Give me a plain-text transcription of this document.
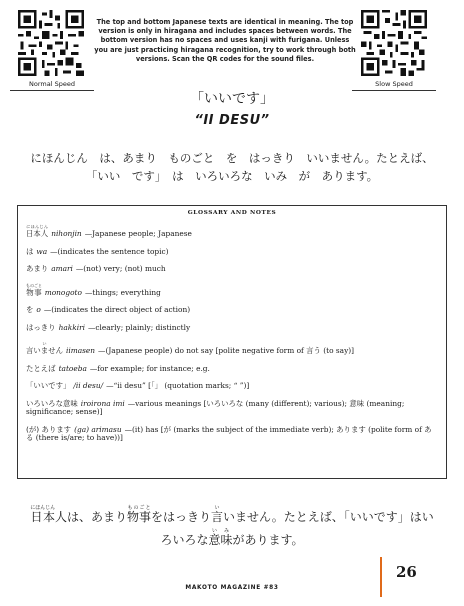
Normal Speed	Slow Speed

The top and bottom Japanese texts are identical in meaning. The top version is only in hiragana and includes spaces between words. The bottom version has no spaces and uses kanji with furigana. Unless you are just practicing hiragana recognition, try to work through both versions. Scan the QR codes for the sound files.

「いいです」
“II DESU”

にほんじん　は、あまり　ものごと　を　はっきり　いいません。たとえば、「いい　です」　は　いろいろな　いみ　が　あります。

GLOSSARY AND NOTES
日本人にほんじんnihonjin —Japanese people; Japanese
は wa —(indicates the sentence topic)
あまり amari —(not) very; (not) much
物事ものごとmonogoto —things; everything
を o —(indicates the direct object of action)
はっきり hakkiri —clearly; plainly; distinctly
言いませんいiimasen —(Japanese people) do not say [polite negative form of 言う (to say)]
たとえば tatoeba —for example; for instance; e.g.
「いいです」 /ii desu/ —“ii desu” [「」 (quotation marks; “ ”)]
いろいろな意味 iroirona imi —various meanings [いろいろな (many (different); various); 意味 (meaning; significance; sense)]
(が) あります (ga) arimasu —(it) has [が (marks the subject of the immediate verb); あります (polite form of ある (there is/are; to have))]

日本にほんじん人は、あまり物事ものごとをはっきり言いいません。たとえば、「いいです」はいろいろな意味いみがあります。

MAKOTO MAGAZINE #83
26
